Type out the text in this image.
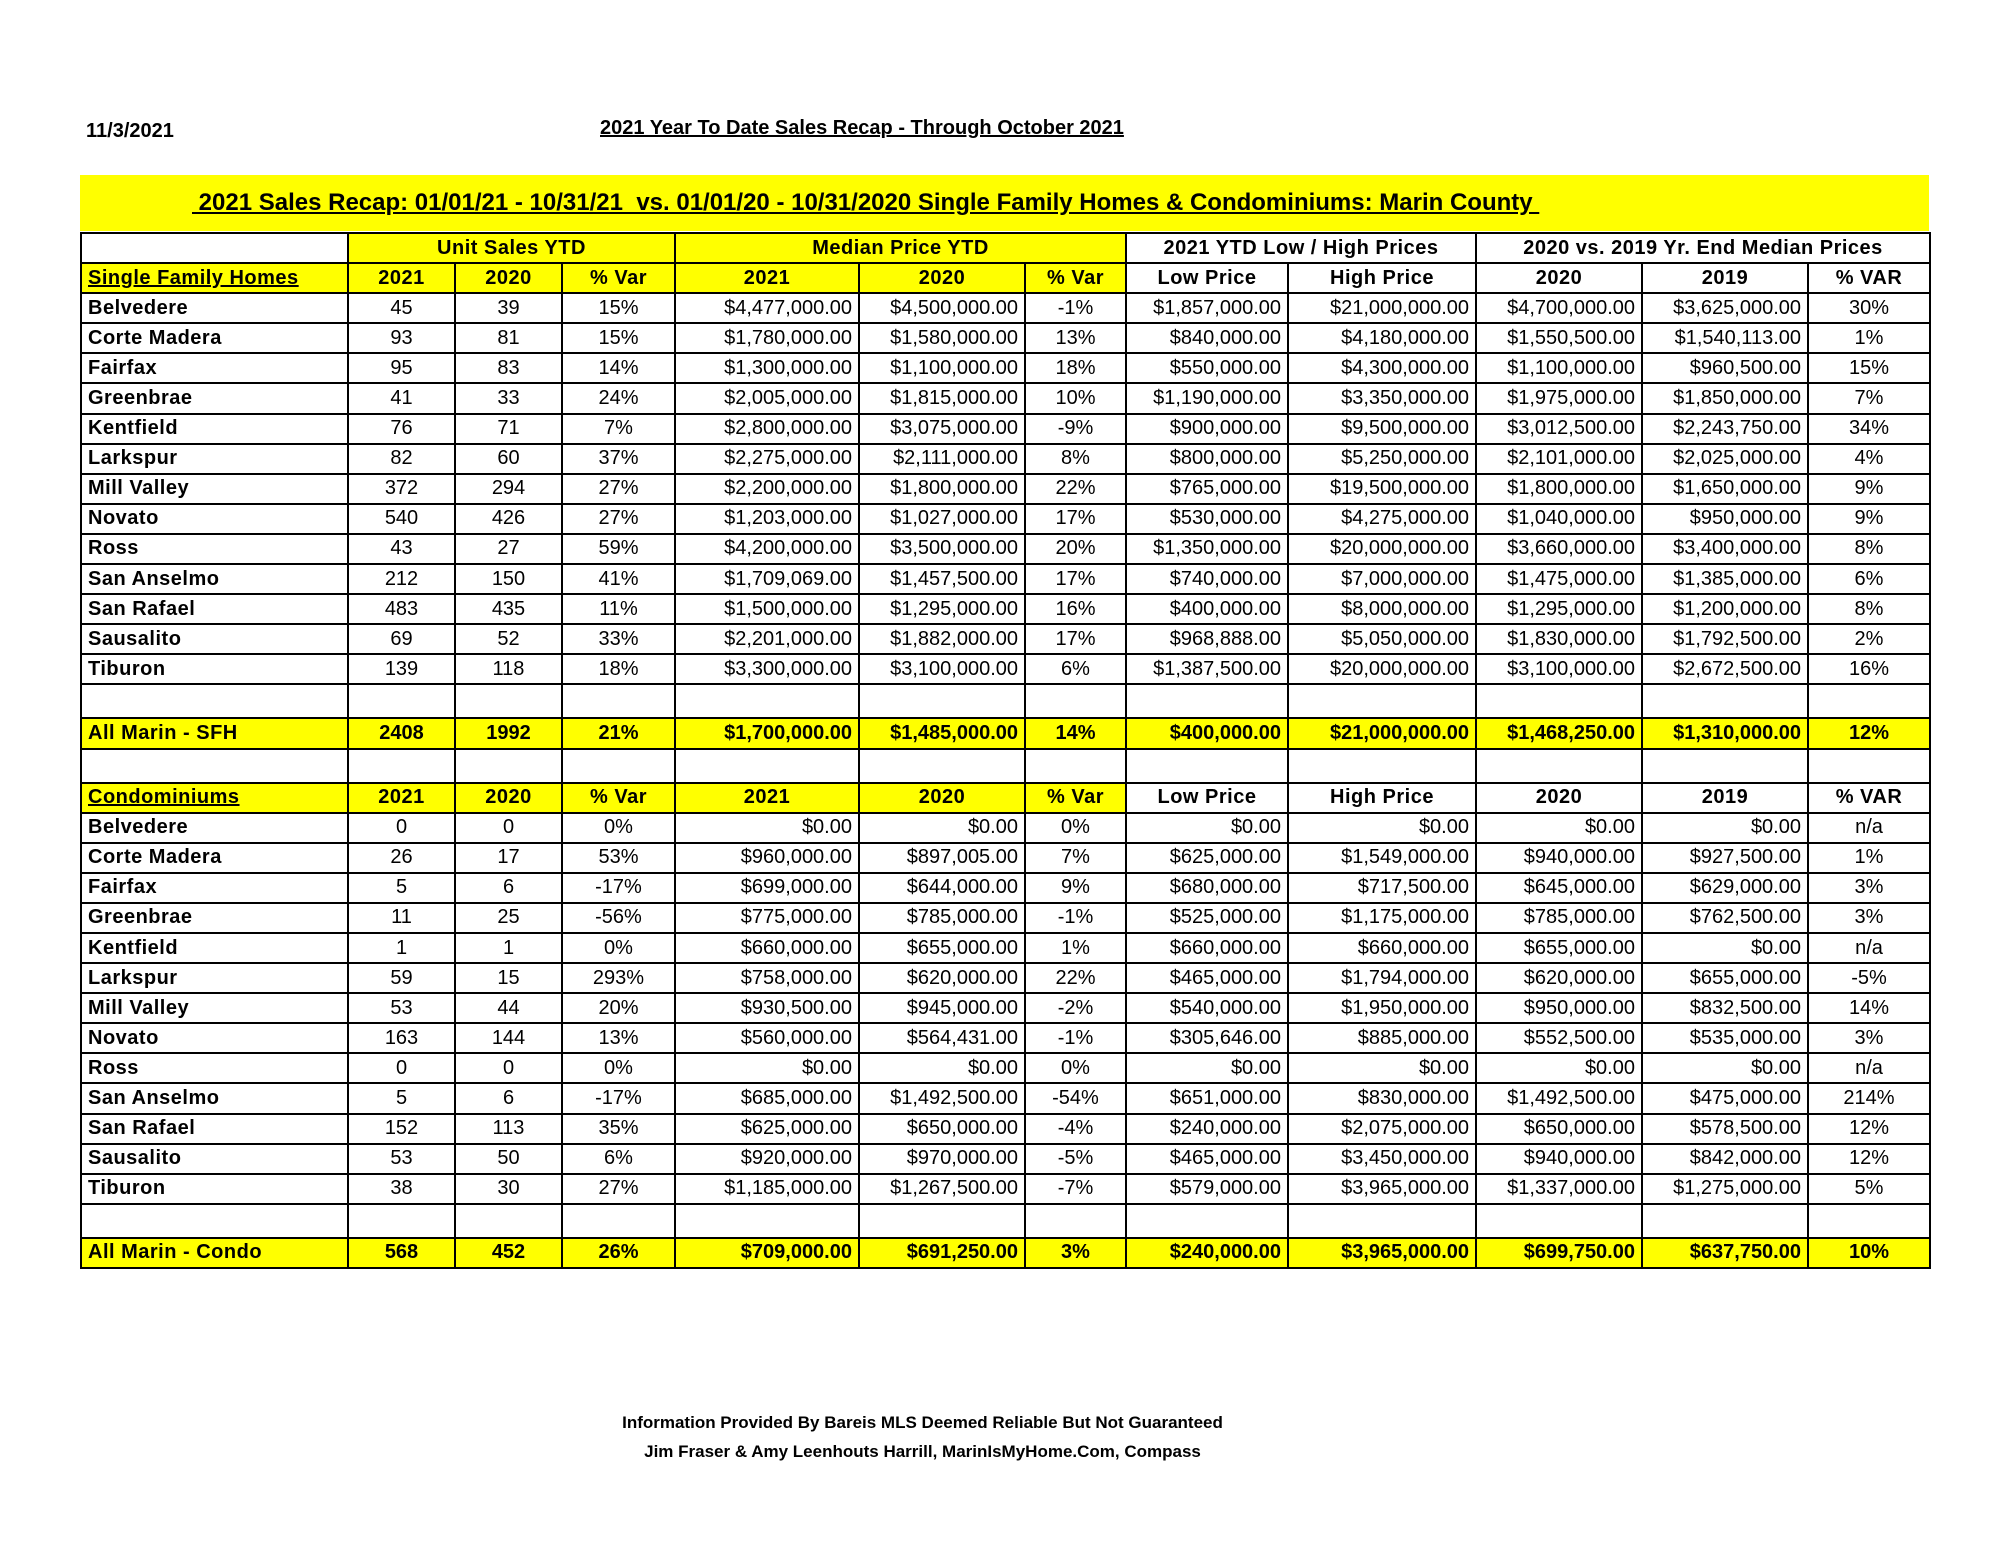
11/3/2021	2021 Year To Date Sales Recap - Through October 2021
2021 Sales Recap: 01/01/21 - 10/31/21  vs. 01/01/20 - 10/31/2020 Single Family Homes & Condominiums: Marin County
	Unit Sales YTD			Median Price YTD			2021 YTD Low / High Prices		2020 vs. 2019 Yr. End Median Prices		
Single Family Homes	2021	2020	% Var	2021	2020	% Var	Low Price	High Price	2020	2019	% VAR
Belvedere	45	39	15%	$4,477,000.00	$4,500,000.00	-1%	$1,857,000.00	$21,000,000.00	$4,700,000.00	$3,625,000.00	30%
Corte Madera	93	81	15%	$1,780,000.00	$1,580,000.00	13%	$840,000.00	$4,180,000.00	$1,550,500.00	$1,540,113.00	1%
Fairfax	95	83	14%	$1,300,000.00	$1,100,000.00	18%	$550,000.00	$4,300,000.00	$1,100,000.00	$960,500.00	15%
Greenbrae	41	33	24%	$2,005,000.00	$1,815,000.00	10%	$1,190,000.00	$3,350,000.00	$1,975,000.00	$1,850,000.00	7%
Kentfield	76	71	7%	$2,800,000.00	$3,075,000.00	-9%	$900,000.00	$9,500,000.00	$3,012,500.00	$2,243,750.00	34%
Larkspur	82	60	37%	$2,275,000.00	$2,111,000.00	8%	$800,000.00	$5,250,000.00	$2,101,000.00	$2,025,000.00	4%
Mill Valley	372	294	27%	$2,200,000.00	$1,800,000.00	22%	$765,000.00	$19,500,000.00	$1,800,000.00	$1,650,000.00	9%
Novato	540	426	27%	$1,203,000.00	$1,027,000.00	17%	$530,000.00	$4,275,000.00	$1,040,000.00	$950,000.00	9%
Ross	43	27	59%	$4,200,000.00	$3,500,000.00	20%	$1,350,000.00	$20,000,000.00	$3,660,000.00	$3,400,000.00	8%
San Anselmo	212	150	41%	$1,709,069.00	$1,457,500.00	17%	$740,000.00	$7,000,000.00	$1,475,000.00	$1,385,000.00	6%
San Rafael	483	435	11%	$1,500,000.00	$1,295,000.00	16%	$400,000.00	$8,000,000.00	$1,295,000.00	$1,200,000.00	8%
Sausalito	69	52	33%	$2,201,000.00	$1,882,000.00	17%	$968,888.00	$5,050,000.00	$1,830,000.00	$1,792,500.00	2%
Tiburon	139	118	18%	$3,300,000.00	$3,100,000.00	6%	$1,387,500.00	$20,000,000.00	$3,100,000.00	$2,672,500.00	16%

All Marin - SFH	2408	1992	21%	$1,700,000.00	$1,485,000.00	14%	$400,000.00	$21,000,000.00	$1,468,250.00	$1,310,000.00	12%

Condominiums	2021	2020	% Var	2021	2020	% Var	Low Price	High Price	2020	2019	% VAR
Belvedere	0	0	0%	$0.00	$0.00	0%	$0.00	$0.00	$0.00	$0.00	n/a
Corte Madera	26	17	53%	$960,000.00	$897,005.00	7%	$625,000.00	$1,549,000.00	$940,000.00	$927,500.00	1%
Fairfax	5	6	-17%	$699,000.00	$644,000.00	9%	$680,000.00	$717,500.00	$645,000.00	$629,000.00	3%
Greenbrae	11	25	-56%	$775,000.00	$785,000.00	-1%	$525,000.00	$1,175,000.00	$785,000.00	$762,500.00	3%
Kentfield	1	1	0%	$660,000.00	$655,000.00	1%	$660,000.00	$660,000.00	$655,000.00	$0.00	n/a
Larkspur	59	15	293%	$758,000.00	$620,000.00	22%	$465,000.00	$1,794,000.00	$620,000.00	$655,000.00	-5%
Mill Valley	53	44	20%	$930,500.00	$945,000.00	-2%	$540,000.00	$1,950,000.00	$950,000.00	$832,500.00	14%
Novato	163	144	13%	$560,000.00	$564,431.00	-1%	$305,646.00	$885,000.00	$552,500.00	$535,000.00	3%
Ross	0	0	0%	$0.00	$0.00	0%	$0.00	$0.00	$0.00	$0.00	n/a
San Anselmo	5	6	-17%	$685,000.00	$1,492,500.00	-54%	$651,000.00	$830,000.00	$1,492,500.00	$475,000.00	214%
San Rafael	152	113	35%	$625,000.00	$650,000.00	-4%	$240,000.00	$2,075,000.00	$650,000.00	$578,500.00	12%
Sausalito	53	50	6%	$920,000.00	$970,000.00	-5%	$465,000.00	$3,450,000.00	$940,000.00	$842,000.00	12%
Tiburon	38	30	27%	$1,185,000.00	$1,267,500.00	-7%	$579,000.00	$3,965,000.00	$1,337,000.00	$1,275,000.00	5%

All Marin - Condo	568	452	26%	$709,000.00	$691,250.00	3%	$240,000.00	$3,965,000.00	$699,750.00	$637,750.00	10%
Information Provided By Bareis MLS Deemed Reliable But Not Guaranteed
Jim Fraser & Amy Leenhouts Harrill, MarinIsMyHome.Com, Compass
